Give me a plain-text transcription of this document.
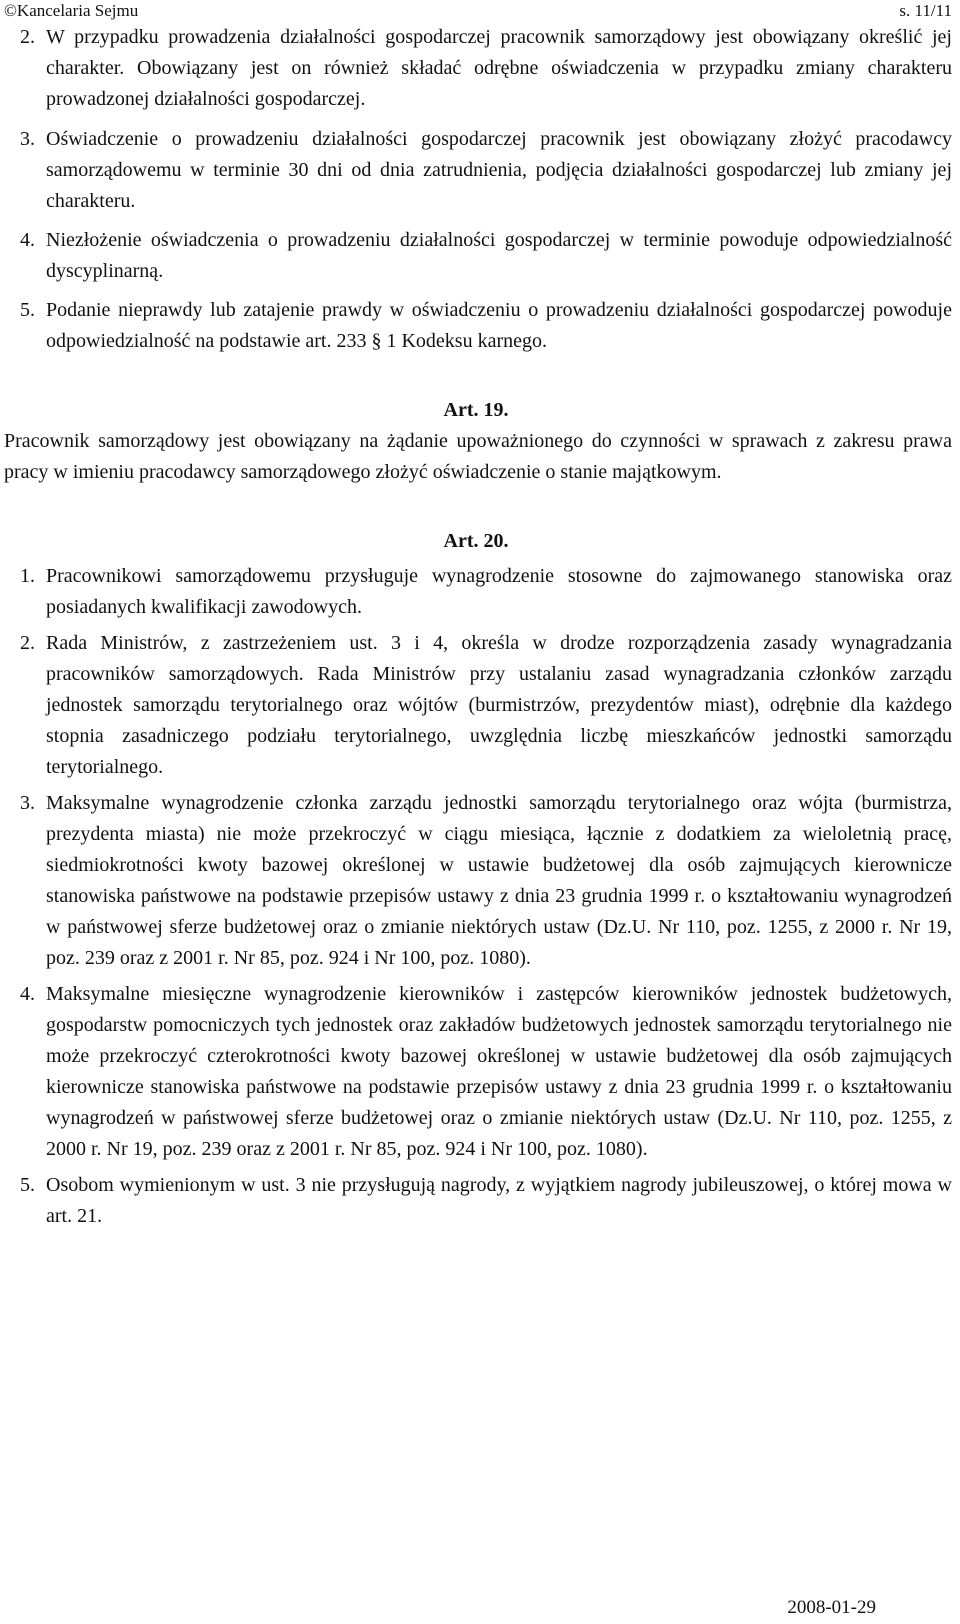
©Kancelaria Sejmu	s. 11/11

2. W przypadku prowadzenia działalności gospodarczej pracownik samorządowy jest obowiązany określić jej charakter. Obowiązany jest on również składać odrębne oświadczenia w przypadku zmiany charakteru prowadzonej działalności gospodarczej.

3. Oświadczenie o prowadzeniu działalności gospodarczej pracownik jest obowiązany złożyć pracodawcy samorządowemu w terminie 30 dni od dnia zatrudnienia, podjęcia działalności gospodarczej lub zmiany jej charakteru.

4. Niezłożenie oświadczenia o prowadzeniu działalności gospodarczej w terminie powoduje odpowiedzialność dyscyplinarną.

5. Podanie nieprawdy lub zatajenie prawdy w oświadczeniu o prowadzeniu działalności gospodarczej powoduje odpowiedzialność na podstawie art. 233 § 1 Kodeksu karnego.

Art. 19.

Pracownik samorządowy jest obowiązany na żądanie upoważnionego do czynności w sprawach z zakresu prawa pracy w imieniu pracodawcy samorządowego złożyć oświadczenie o stanie majątkowym.

Art. 20.

1. Pracownikowi samorządowemu przysługuje wynagrodzenie stosowne do zajmowanego stanowiska oraz posiadanych kwalifikacji zawodowych.

2. Rada Ministrów, z zastrzeżeniem ust. 3 i 4, określa w drodze rozporządzenia zasady wynagradzania pracowników samorządowych. Rada Ministrów przy ustalaniu zasad wynagradzania członków zarządu jednostek samorządu terytorialnego oraz wójtów (burmistrzów, prezydentów miast), odrębnie dla każdego stopnia zasadniczego podziału terytorialnego, uwzględnia liczbę mieszkańców jednostki samorządu terytorialnego.

3. Maksymalne wynagrodzenie członka zarządu jednostki samorządu terytorialnego oraz wójta (burmistrza, prezydenta miasta) nie może przekroczyć w ciągu miesiąca, łącznie z dodatkiem za wieloletnią pracę, siedmiokrotności kwoty bazowej określonej w ustawie budżetowej dla osób zajmujących kierownicze stanowiska państwowe na podstawie przepisów ustawy z dnia 23 grudnia 1999 r. o kształtowaniu wynagrodzeń w państwowej sferze budżetowej oraz o zmianie niektórych ustaw (Dz.U. Nr 110, poz. 1255, z 2000 r. Nr 19, poz. 239 oraz z 2001 r. Nr 85, poz. 924 i Nr 100, poz. 1080).

4. Maksymalne miesięczne wynagrodzenie kierowników i zastępców kierowników jednostek budżetowych, gospodarstw pomocniczych tych jednostek oraz zakładów budżetowych jednostek samorządu terytorialnego nie może przekroczyć czterokrotności kwoty bazowej określonej w ustawie budżetowej dla osób zajmujących kierownicze stanowiska państwowe na podstawie przepisów ustawy z dnia 23 grudnia 1999 r. o kształtowaniu wynagrodzeń w państwowej sferze budżetowej oraz o zmianie niektórych ustaw (Dz.U. Nr 110, poz. 1255, z 2000 r. Nr 19, poz. 239 oraz z 2001 r. Nr 85, poz. 924 i Nr 100, poz. 1080).

5. Osobom wymienionym w ust. 3 nie przysługują nagrody, z wyjątkiem nagrody jubileuszowej, o której mowa w art. 21.

2008-01-29
